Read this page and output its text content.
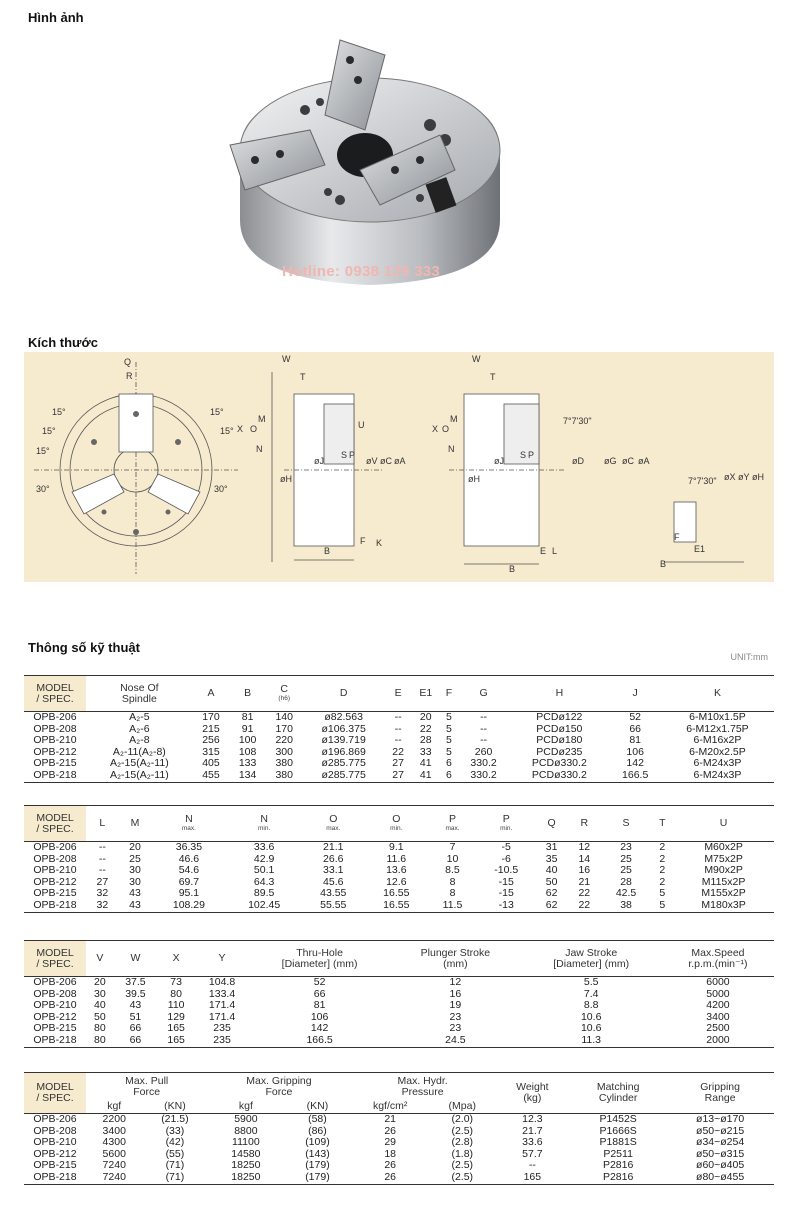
Hình ảnh
Hotline: 0938 129 333
Kích thước
Q
R
15°
15°
15°
15°
15°
30°	30°
W
T
X O
M
N
U
øJ
S P
øV øC øA
øH
B
F K
W
T
X O
M
N
7°7'30"
øJ
S P
øD øG øC øA
øH
B
E L
7°7'30" øX øY øH
F
E1
B
Thông số kỹ thuật
UNIT:mm
MODEL
/ SPEC.	Nose Of
Spindle	A	B	C
(h6)	D	E	E1	F	G	H	J	K
OPB-206	A₂-5	170	81	140	ø82.563	--	20	5	--	PCDø122	52	6-M10x1.5P
OPB-208	A₂-6	215	91	170	ø106.375	--	22	5	--	PCDø150	66	6-M12x1.75P
OPB-210	A₂-8	256	100	220	ø139.719	--	28	5	--	PCDø180	81	6-M16x2P
OPB-212	A₂-11(A₂-8)	315	108	300	ø196.869	22	33	5	260	PCDø235	106	6-M20x2.5P
OPB-215	A₂-15(A₂-11)	405	133	380	ø285.775	27	41	6	330.2	PCDø330.2	142	6-M24x3P
OPB-218	A₂-15(A₂-11)	455	134	380	ø285.775	27	41	6	330.2	PCDø330.2	166.5	6-M24x3P
MODEL
/ SPEC.	L	M	N
max.	N
min.	O
max.	O
min.	P
max.	P
min.	Q	R	S	T	U
OPB-206	--	20	36.35	33.6	21.1	9.1	7	-5	31	12	23	2	M60x2P
OPB-208	--	25	46.6	42.9	26.6	11.6	10	-6	35	14	25	2	M75x2P
OPB-210	--	30	54.6	50.1	33.1	13.6	8.5	-10.5	40	16	25	2	M90x2P
OPB-212	27	30	69.7	64.3	45.6	12.6	8	-15	50	21	28	2	M115x2P
OPB-215	32	43	95.1	89.5	43.55	16.55	8	-15	62	22	42.5	5	M155x2P
OPB-218	32	43	108.29	102.45	55.55	16.55	11.5	-13	62	22	38	5	M180x3P
MODEL
/ SPEC.	V	W	X	Y	Thru-Hole
[Diameter] (mm)	Plunger Stroke
(mm)	Jaw Stroke
[Diameter] (mm)	Max.Speed
r.p.m.(min⁻¹)
OPB-206	20	37.5	73	104.8	52	12	5.5	6000
OPB-208	30	39.5	80	133.4	66	16	7.4	5000
OPB-210	40	43	110	171.4	81	19	8.8	4200
OPB-212	50	51	129	171.4	106	23	10.6	3400
OPB-215	80	66	165	235	142	23	10.6	2500
OPB-218	80	66	165	235	166.5	24.5	11.3	2000
MODEL
/ SPEC.	Max. Pull
Force		Max. Gripping
Force		Max. Hydr.
Pressure		Weight
(kg)	Matching
Cylinder	Gripping
Range
	kgf	(KN)	kgf	(KN)	kgf/cm²	(Mpa)			
OPB-206	2200	(21.5)	5900	(58)	21	(2.0)	12.3	P1452S	ø13~ø170
OPB-208	3400	(33)	8800	(86)	26	(2.5)	21.7	P1666S	ø50~ø215
OPB-210	4300	(42)	11100	(109)	29	(2.8)	33.6	P1881S	ø34~ø254
OPB-212	5600	(55)	14580	(143)	18	(1.8)	57.7	P2511	ø50~ø315
OPB-215	7240	(71)	18250	(179)	26	(2.5)	--	P2816	ø60~ø405
OPB-218	7240	(71)	18250	(179)	26	(2.5)	165	P2816	ø80~ø455
